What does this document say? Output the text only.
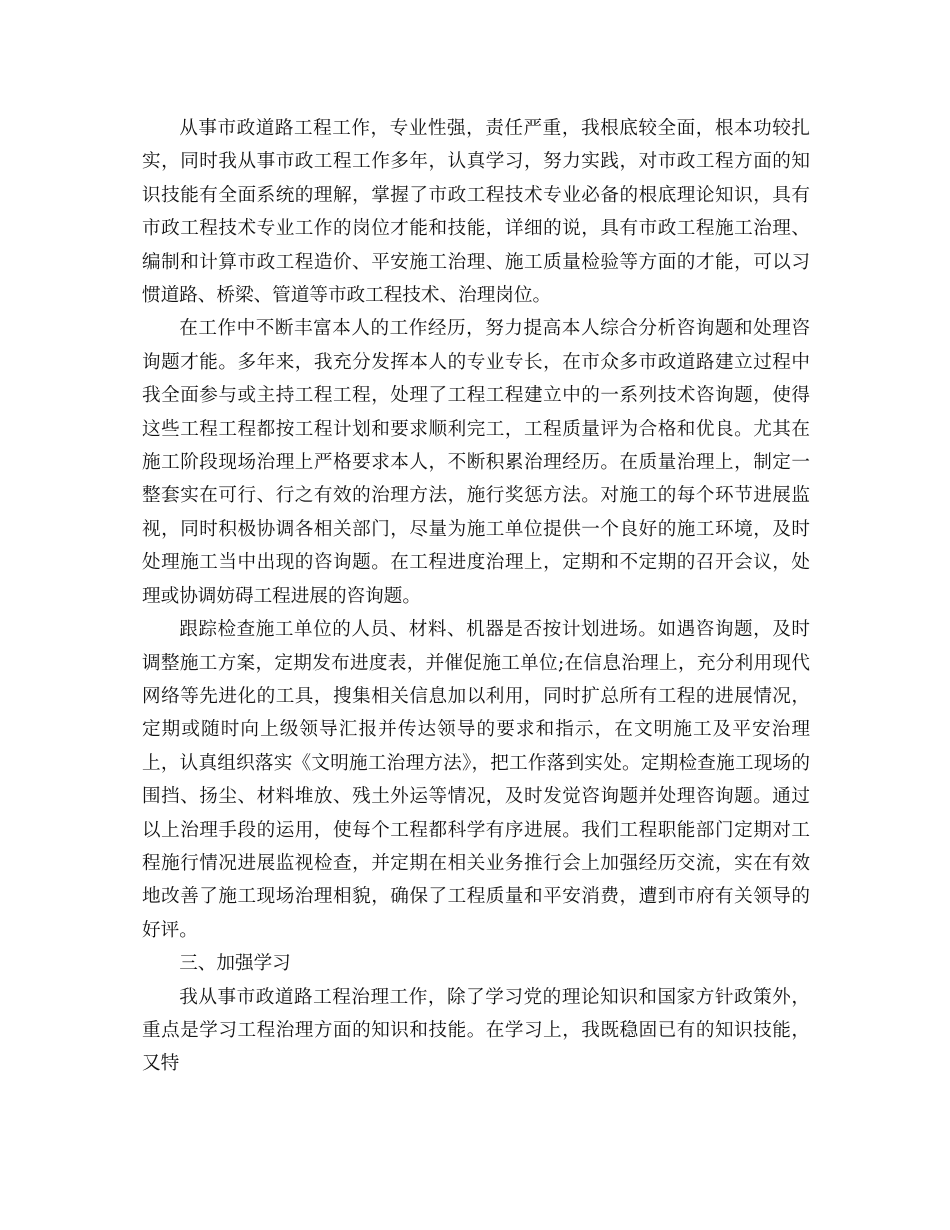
从事市政道路工程工作，专业性强，责任严重，我根底较全面，根本功较扎实，同时我从事市政工程工作多年，认真学习，努力实践，对市政工程方面的知识技能有全面系统的理解，掌握了市政工程技术专业必备的根底理论知识，具有市政工程技术专业工作的岗位才能和技能，详细的说，具有市政工程施工治理、编制和计算市政工程造价、平安施工治理、施工质量检验等方面的才能，可以习惯道路、桥梁、管道等市政工程技术、治理岗位。

在工作中不断丰富本人的工作经历，努力提高本人综合分析咨询题和处理咨询题才能。多年来，我充分发挥本人的专业专长，在市众多市政道路建立过程中我全面参与或主持工程工程，处理了工程工程建立中的一系列技术咨询题，使得这些工程工程都按工程计划和要求顺利完工，工程质量评为合格和优良。尤其在施工阶段现场治理上严格要求本人，不断积累治理经历。在质量治理上，制定一整套实在可行、行之有效的治理方法，施行奖惩方法。对施工的每个环节进展监视，同时积极协调各相关部门，尽量为施工单位提供一个良好的施工环境，及时处理施工当中出现的咨询题。在工程进度治理上，定期和不定期的召开会议，处理或协调妨碍工程进展的咨询题。

跟踪检查施工单位的人员、材料、机器是否按计划进场。如遇咨询题，及时调整施工方案，定期发布进度表，并催促施工单位;在信息治理上，充分利用现代网络等先进化的工具，搜集相关信息加以利用，同时扩总所有工程的进展情况，定期或随时向上级领导汇报并传达领导的要求和指示，在文明施工及平安治理上，认真组织落实《文明施工治理方法》，把工作落到实处。定期检查施工现场的围挡、扬尘、材料堆放、残土外运等情况，及时发觉咨询题并处理咨询题。通过以上治理手段的运用，使每个工程都科学有序进展。我们工程职能部门定期对工程施行情况进展监视检查，并定期在相关业务推行会上加强经历交流，实在有效地改善了施工现场治理相貌，确保了工程质量和平安消费，遭到市府有关领导的好评。

三、加强学习

我从事市政道路工程治理工作，除了学习党的理论知识和国家方针政策外，重点是学习工程治理方面的知识和技能。在学习上，我既稳固已有的知识技能，又特
